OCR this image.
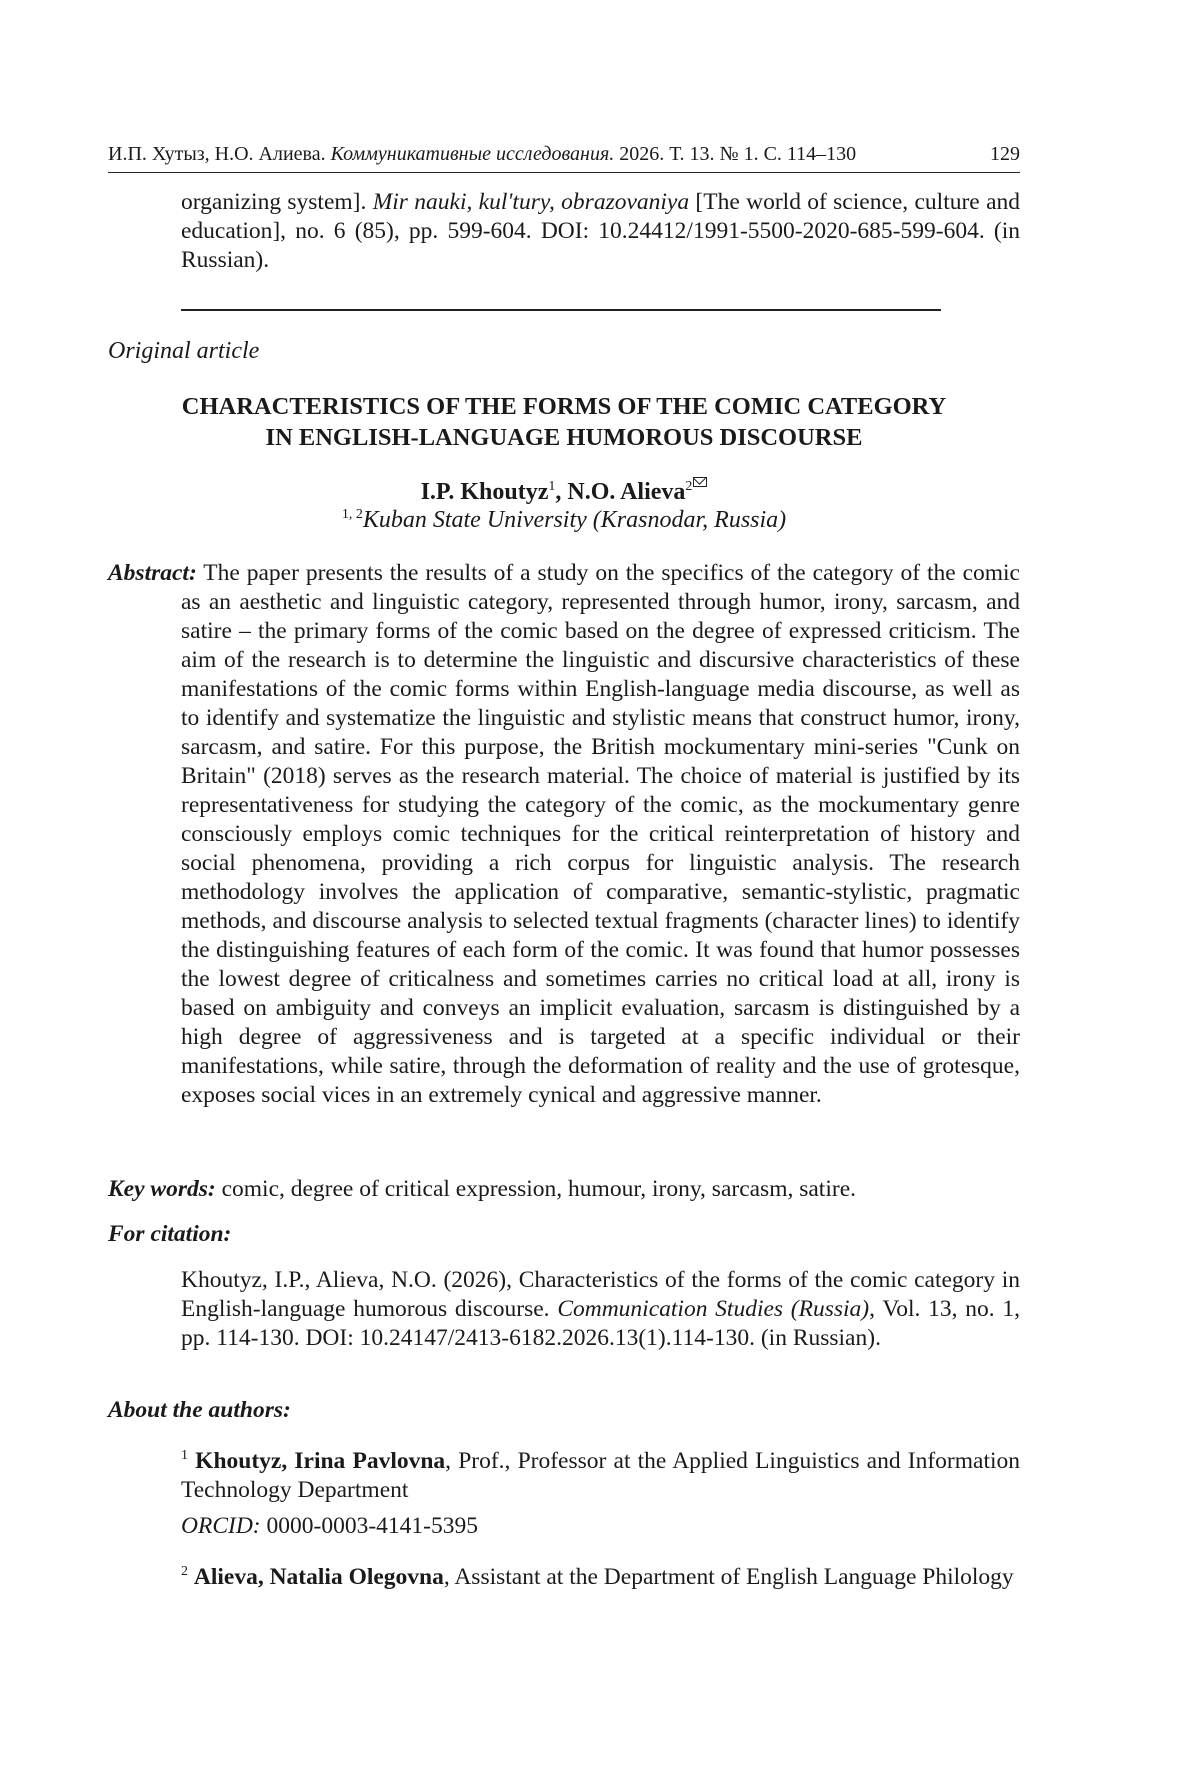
И.П. Хутыз, Н.О. Алиева. Коммуникативные исследования. 2026. Т. 13. № 1. С. 114–130	129
organizing system]. Mir nauki, kul'tury, obrazovaniya [The world of science, culture and education], no. 6 (85), pp. 599-604. DOI: 10.24412/1991-5500-2020-685-599-604. (in Russian).
Original article
CHARACTERISTICS OF THE FORMS OF THE COMIC CATEGORY
IN ENGLISH-LANGUAGE HUMOROUS DISCOURSE
I.P. Khoutyz$^1$, N.O. Alieva$^2$
$^{1, 2}$Kuban State University (Krasnodar, Russia)

Abstract: The paper presents the results of a study on the specifics of the category of the comic as an aesthetic and linguistic category, represented through humor, irony, sarcasm, and satire – the primary forms of the comic based on the degree of expressed criticism. The aim of the research is to determine the linguistic and discursive characteristics of these manifestations of the comic forms within English-language media discourse, as well as to identify and systematize the linguistic and stylistic means that construct humor, irony, sarcasm, and satire. For this purpose, the British mockumentary mini-series "Cunk on Britain" (2018) serves as the research material. The choice of material is justified by its representativeness for studying the category of the comic, as the mockumentary genre consciously employs comic techniques for the critical reinterpretation of history and social phenomena, providing a rich corpus for linguistic analysis. The research methodology involves the application of comparative, semantic-stylistic, pragmatic methods, and discourse analysis to selected textual fragments (character lines) to identify the distinguishing features of each form of the comic. It was found that humor possesses the lowest degree of criticalness and sometimes carries no critical load at all, irony is based on ambiguity and conveys an implicit evaluation, sarcasm is distinguished by a high degree of aggressiveness and is targeted at a specific individual or their manifestations, while satire, through the deformation of reality and the use of grotesque, exposes social vices in an extremely cynical and aggressive manner.

Key words: comic, degree of critical expression, humour, irony, sarcasm, satire.
For citation:
Khoutyz, I.P., Alieva, N.O. (2026), Characteristics of the forms of the comic category in English-language humorous discourse. Communication Studies (Russia), Vol. 13, no. 1, pp. 114-130. DOI: 10.24147/2413-6182.2026.13(1).114-130. (in Russian).
About the authors:
$^1$ Khoutyz, Irina Pavlovna, Prof., Professor at the Applied Linguistics and Information Technology Department
ORCID: 0000-0003-4141-5395
$^2$ Alieva, Natalia Olegovna, Assistant at the Department of English Language Philology
